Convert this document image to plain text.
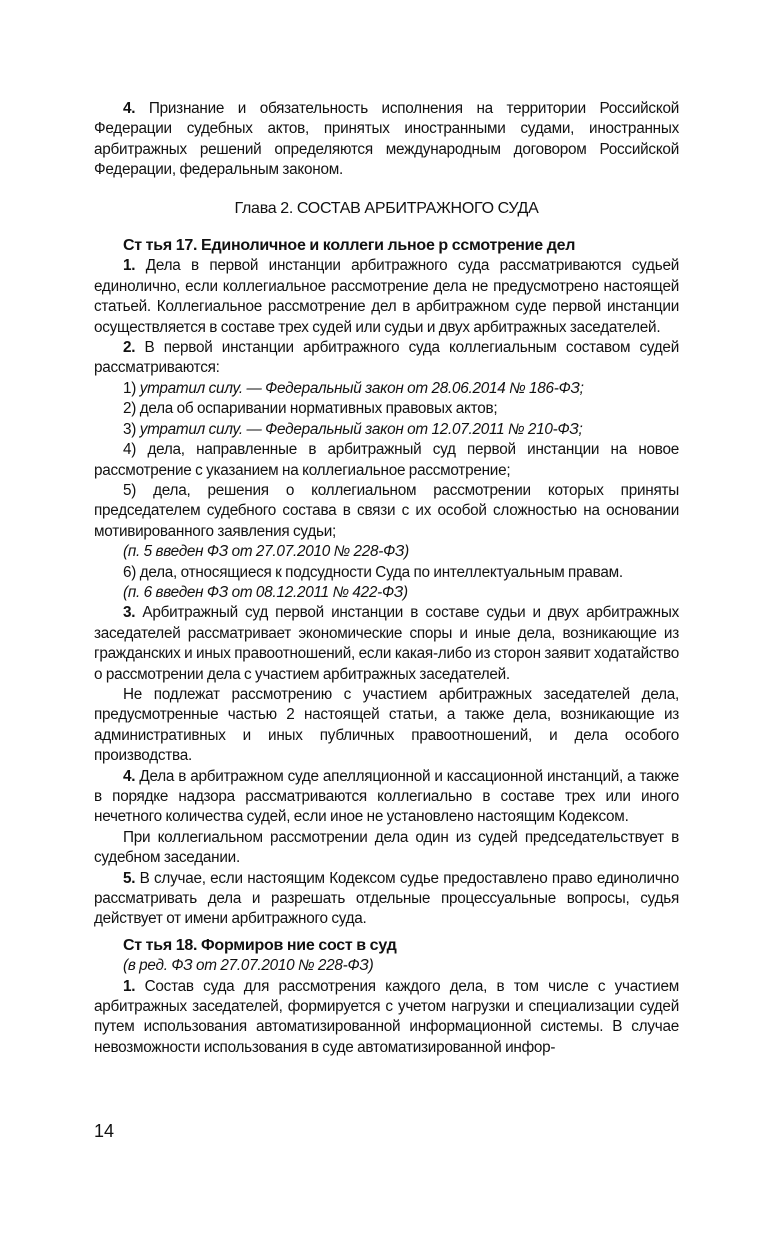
4. Признание и обязательность исполнения на территории Российской Федерации судебных актов, принятых иностранными судами, иностранных арбитражных решений определяются международным договором Российской Федерации, федеральным законом.

Глава 2. СОСТАВ АРБИТРАЖНОГО СУДА

Ст тья 17. Единоличное и коллеги льное р ссмотрение дел

1. Дела в первой инстанции арбитражного суда рассматриваются судьей единолично, если коллегиальное рассмотрение дела не предусмотрено настоящей статьей. Коллегиальное рассмотрение дел в арбитражном суде первой инстанции осуществляется в составе трех судей или судьи и двух арбитражных заседателей.

2. В первой инстанции арбитражного суда коллегиальным составом судей рассматриваются:

1) утратил силу. — Федеральный закон от 28.06.2014 № 186-ФЗ;

2) дела об оспаривании нормативных правовых актов;

3) утратил силу. — Федеральный закон от 12.07.2011 № 210-ФЗ;

4) дела, направленные в арбитражный суд первой инстанции на новое рассмотрение с указанием на коллегиальное рассмотрение;

5) дела, решения о коллегиальном рассмотрении которых приняты председателем судебного состава в связи с их особой сложностью на основании мотивированного заявления судьи;

(п. 5 введен ФЗ от 27.07.2010 № 228-ФЗ)

6) дела, относящиеся к подсудности Суда по интеллектуальным правам.

(п. 6 введен ФЗ от 08.12.2011 № 422-ФЗ)

3. Арбитражный суд первой инстанции в составе судьи и двух арбитражных заседателей рассматривает экономические споры и иные дела, возникающие из гражданских и иных правоотношений, если какая-либо из сторон заявит ходатайство о рассмотрении дела с участием арбитражных заседателей.

Не подлежат рассмотрению с участием арбитражных заседателей дела, предусмотренные частью 2 настоящей статьи, а также дела, возникающие из административных и иных публичных правоотношений, и дела особого производства.

4. Дела в арбитражном суде апелляционной и кассационной инстанций, а также в порядке надзора рассматриваются коллегиально в составе трех или иного нечетного количества судей, если иное не установлено настоящим Кодексом.

При коллегиальном рассмотрении дела один из судей председательствует в судебном заседании.

5. В случае, если настоящим Кодексом судье предоставлено право единолично рассматривать дела и разрешать отдельные процессуальные вопросы, судья действует от имени арбитражного суда.

Ст тья 18. Формиров ние сост в суд

(в ред. ФЗ от 27.07.2010 № 228-ФЗ)

1. Состав суда для рассмотрения каждого дела, в том числе с участием арбитражных заседателей, формируется с учетом нагрузки и специализации судей путем использования автоматизированной информационной системы. В случае невозможности использования в суде автоматизированной инфор-

14
